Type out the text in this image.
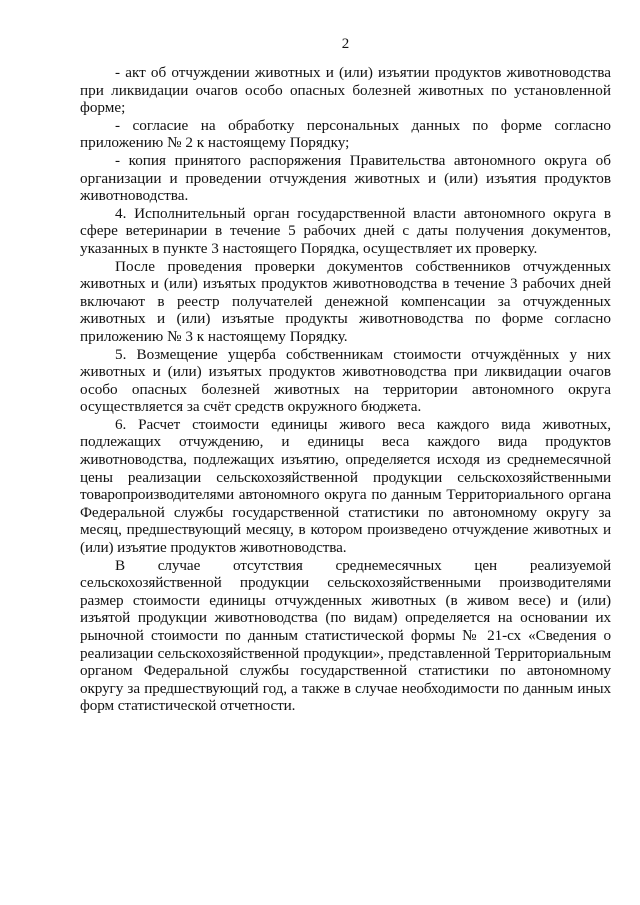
2

- акт об отчуждении животных и (или) изъятии продуктов животноводства при ликвидации очагов особо опасных болезней животных по установленной форме;

- согласие на обработку персональных данных по форме согласно приложению № 2 к настоящему Порядку;

- копия принятого распоряжения Правительства автономного округа об организации и проведении отчуждения животных и (или) изъятия продуктов животноводства.

4. Исполнительный орган государственной власти автономного округа в сфере ветеринарии в течение 5 рабочих дней с даты получения документов, указанных в пункте 3 настоящего Порядка, осуществляет их проверку.

После проведения проверки документов собственников отчужденных животных и (или) изъятых продуктов животноводства в течение 3 рабочих дней включают в реестр получателей денежной компенсации за отчужденных животных и (или) изъятые продукты животноводства по форме согласно приложению № 3 к настоящему Порядку.

5. Возмещение ущерба собственникам стоимости отчуждённых у них животных и (или) изъятых продуктов животноводства при ликвидации очагов особо опасных болезней животных на территории автономного округа осуществляется за счёт средств окружного бюджета.

6. Расчет стоимости единицы живого веса каждого вида животных, подлежащих отчуждению, и единицы веса каждого вида продуктов животноводства, подлежащих изъятию, определяется исходя из среднемесячной цены реализации сельскохозяйственной продукции сельскохозяйственными товаропроизводителями автономного округа по данным Территориального органа Федеральной службы государственной статистики по автономному округу за месяц, предшествующий месяцу, в котором произведено отчуждение животных и (или) изъятие продуктов животноводства.

В случае отсутствия среднемесячных цен реализуемой сельскохозяйственной продукции сельскохозяйственными производителями размер стоимости единицы отчужденных животных (в живом весе) и (или) изъятой продукции животноводства (по видам) определяется на основании их рыночной стоимости по данным статистической формы № 21-сх «Сведения о реализации сельскохозяйственной продукции», представленной Территориальным органом Федеральной службы государственной статистики по автономному округу за предшествующий год, а также в случае необходимости по данным иных форм статистической отчетности.
